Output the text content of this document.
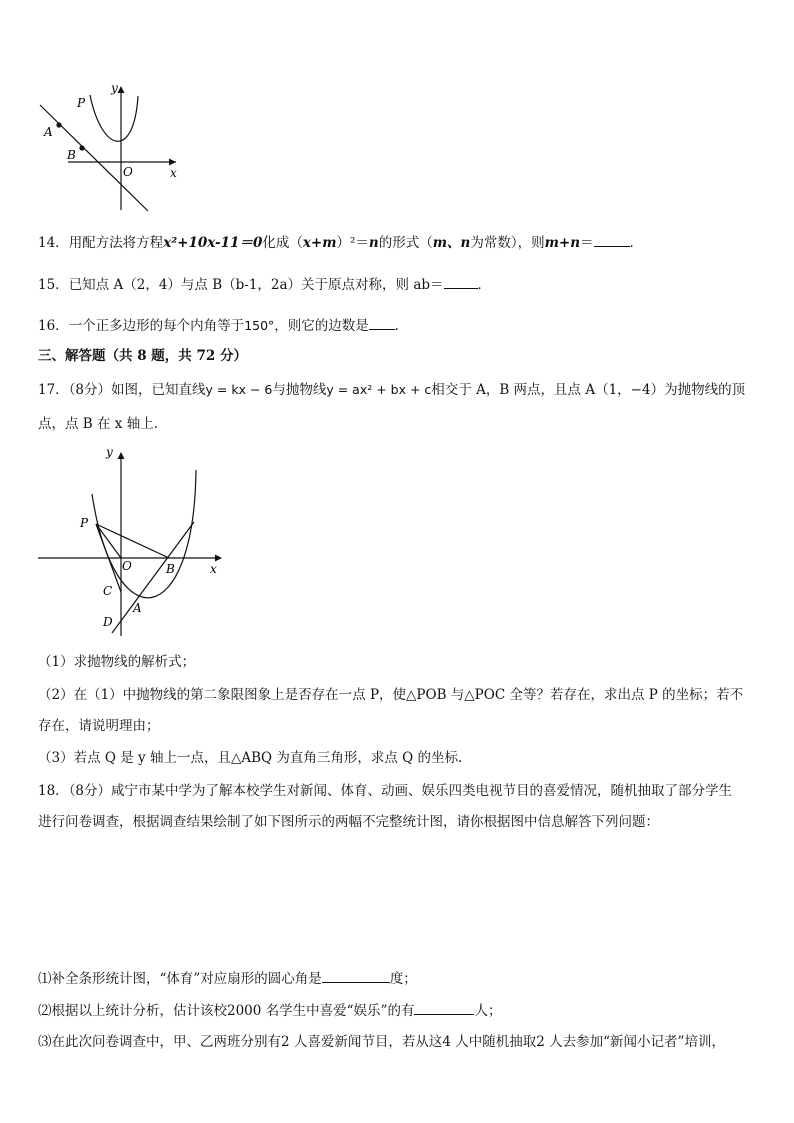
y
x
O
P
A
B
14．用配方法将方程x²+10x-11＝0化成（x+m）²＝n的形式（m、n为常数），则m+n＝	．
15．已知点 A（2，4）与点 B（b-1，2a）关于原点对称，则 ab＝	．
16．一个正多边形的每个内角等于150°，则它的边数是 ．
三、解答题（共 8 题，共 72 分）
17．（8分）如图，已知直线y = kx − 6与抛物线y = ax² + bx + c相交于 A，B 两点，且点 A（1，−4）为抛物线的顶
点，点 B 在 x 轴上.
y
x
O
P
B
C
A
D
（1）求抛物线的解析式；
（2）在（1）中抛物线的第二象限图象上是否存在一点 P，使△POB 与△POC 全等？若存在，求出点 P 的坐标；若不
存在，请说明理由；
（3）若点 Q 是 y 轴上一点，且△ABQ 为直角三角形，求点 Q 的坐标.
18．（8分）咸宁市某中学为了解本校学生对新闻、体育、动画、娱乐四类电视节目的喜爱情况，随机抽取了部分学生
进行问卷调查，根据调查结果绘制了如下图所示的两幅不完整统计图，请你根据图中信息解答下列问题：
⑴补全条形统计图，“体育”对应扇形的圆心角是	度；
⑵根据以上统计分析，估计该校2000 名学生中喜爱“娱乐”的有	人；
⑶在此次问卷调查中，甲、乙两班分别有2 人喜爱新闻节目，若从这4 人中随机抽取2 人去参加“新闻小记者”培训，
